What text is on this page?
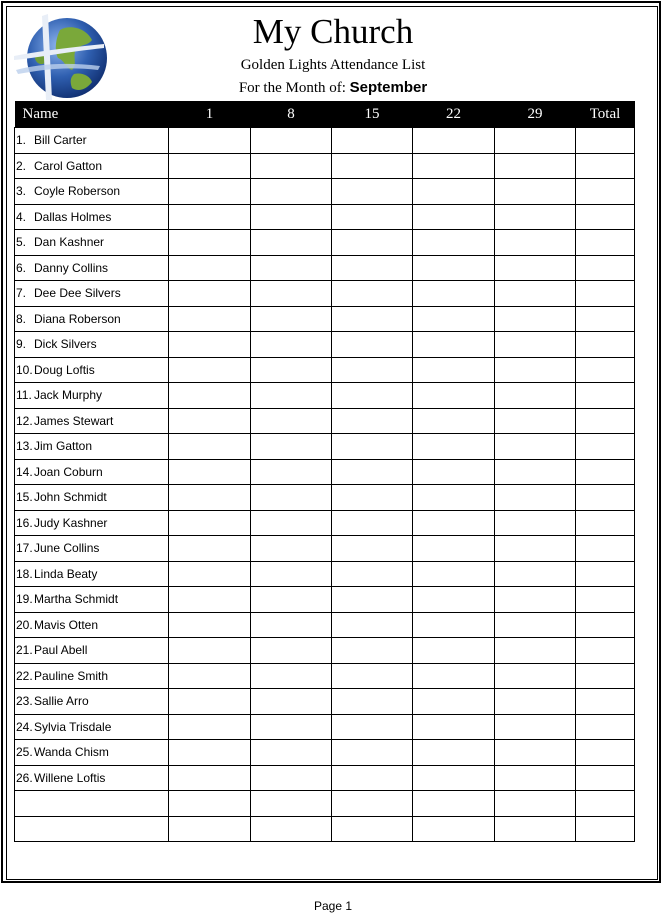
My Church
Golden Lights Attendance List
For the Month of: September
Name	1	8	15	22	29	Total
1. Bill Carter						
2. Carol Gatton						
3. Coyle Roberson						
4. Dallas Holmes						
5. Dan Kashner						
6. Danny Collins						
7. Dee Dee Silvers						
8. Diana Roberson						
9. Dick Silvers						
10.Doug Loftis						
11. Jack Murphy						
12.James Stewart						
13.Jim Gatton						
14.Joan Coburn						
15.John Schmidt						
16.Judy Kashner						
17.June Collins						
18.Linda Beaty						
19.Martha Schmidt						
20.Mavis Otten						
21.Paul Abell						
22.Pauline Smith						
23.Sallie Arro						
24.Sylvia Trisdale						
25.Wanda Chism						
26.Willene Loftis						

Page 1
